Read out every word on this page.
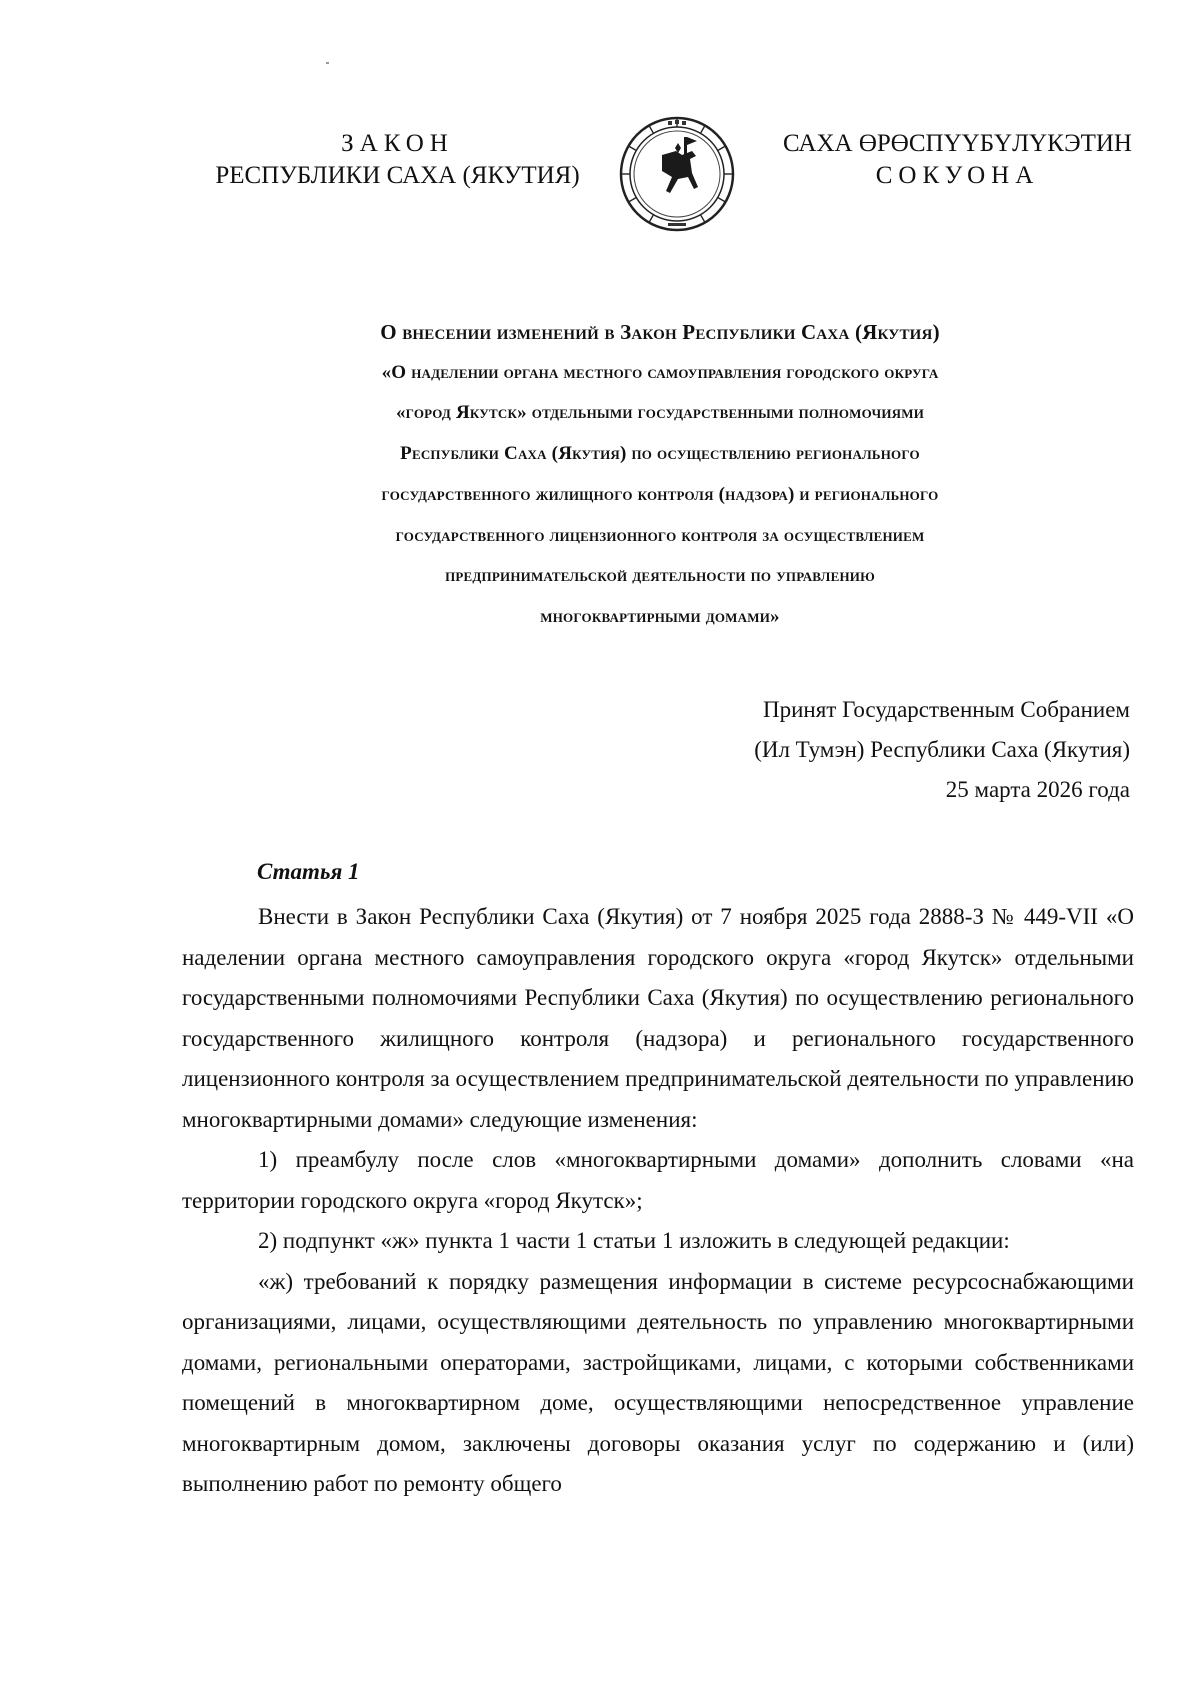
ЗАКОН
РЕСПУБЛИКИ САХА (ЯКУТИЯ)
САХА ӨРӨСПҮҮБҮЛҮКЭТИН
СОКУОНА
О внесении изменений в Закон Республики Саха (Якутия)
«О наделении органа местного самоуправления городского округа
«город Якутск» отдельными государственными полномочиями
Республики Саха (Якутия) по осуществлению регионального
государственного жилищного контроля (надзора) и регионального
государственного лицензионного контроля за осуществлением
предпринимательской деятельности по управлению
многоквартирными домами»
Принят Государственным Собранием
(Ил Тумэн) Республики Саха (Якутия)
25 марта 2026 года
Статья 1

Внести в Закон Республики Саха (Якутия) от 7 ноября 2025 года 2888-З № 449-VII «О наделении органа местного самоуправления городского округа «город Якутск» отдельными государственными полномочиями Республики Саха (Якутия) по осуществлению регионального государственного жилищного контроля (надзора) и регионального государственного лицензионного контроля за осуществлением предпринимательской деятельности по управлению многоквартирными домами» следующие изменения:

1) преамбулу после слов «многоквартирными домами» дополнить словами «на территории городского округа «город Якутск»;

2) подпункт «ж» пункта 1 части 1 статьи 1 изложить в следующей редакции:

«ж) требований к порядку размещения информации в системе ресурсоснабжающими организациями, лицами, осуществляющими деятельность по управлению многоквартирными домами, региональными операторами, застройщиками, лицами, с которыми собственниками помещений в многоквартирном доме, осуществляющими непосредственное управление многоквартирным домом, заключены договоры оказания услуг по содержанию и (или) выполнению работ по ремонту общего
